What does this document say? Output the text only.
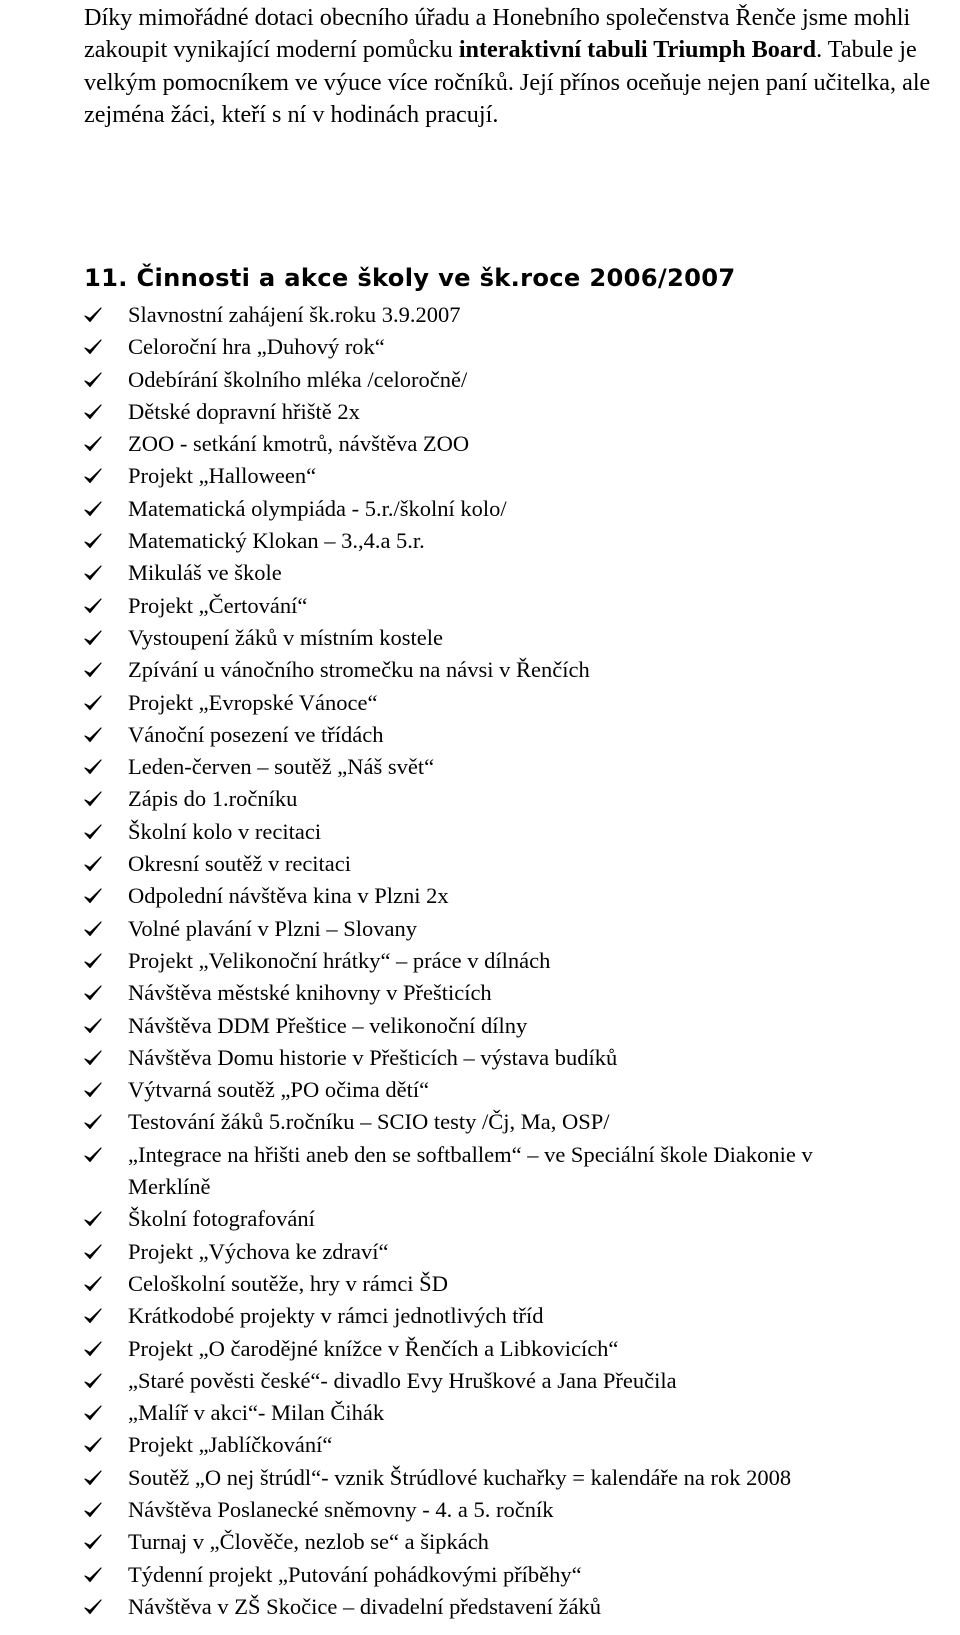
Díky mimořádné dotaci obecního úřadu a Honebního společenstva Řenče jsme mohli zakoupit vynikající moderní pomůcku interaktivní tabuli Triumph Board. Tabule je velkým pomocníkem ve výuce více ročníků. Její přínos oceňuje nejen paní učitelka, ale zejména žáci, kteří s ní v hodinách pracují.

11. Činnosti a akce školy ve šk.roce 2006/2007
Slavnostní zahájení šk.roku 3.9.2007
Celoroční hra „Duhový rok“
Odebírání školního mléka /celoročně/
Dětské dopravní hřiště 2x
ZOO - setkání kmotrů, návštěva ZOO
Projekt „Halloween“
Matematická olympiáda - 5.r./školní kolo/
Matematický Klokan – 3.,4.a 5.r.
Mikuláš ve škole
Projekt „Čertování“
Vystoupení žáků v místním kostele
Zpívání u vánočního stromečku na návsi v Řenčích
Projekt „Evropské Vánoce“
Vánoční posezení ve třídách
Leden-červen – soutěž „Náš svět“
Zápis do 1.ročníku
Školní kolo v recitaci
Okresní soutěž v recitaci
Odpolední návštěva kina v Plzni 2x
Volné plavání v Plzni – Slovany
Projekt „Velikonoční hrátky“ – práce v dílnách
Návštěva městské knihovny v Přešticích
Návštěva DDM Přeštice – velikonoční dílny
Návštěva Domu historie v Přešticích – výstava budíků
Výtvarná soutěž „PO očima dětí“
Testování žáků 5.ročníku – SCIO testy /Čj, Ma, OSP/
„Integrace na hřišti aneb den se softballem“ – ve Speciální škole Diakonie v Merklíně
Školní fotografování
Projekt „Výchova ke zdraví“
Celoškolní soutěže, hry v rámci ŠD
Krátkodobé projekty v rámci jednotlivých tříd
Projekt „O čarodějné knížce v Řenčích a Libkovicích“
„Staré pověsti české“- divadlo Evy Hruškové a Jana Přeučila
„Malíř v akci“- Milan Čihák
Projekt „Jablíčkování“
Soutěž „O nej štrúdl“- vznik Štrúdlové kuchařky = kalendáře na rok 2008
Návštěva Poslanecké sněmovny - 4. a 5. ročník
Turnaj v „Člověče, nezlob se“ a šipkách
Týdenní projekt „Putování pohádkovými příběhy“
Návštěva v ZŠ Skočice – divadelní představení žáků
